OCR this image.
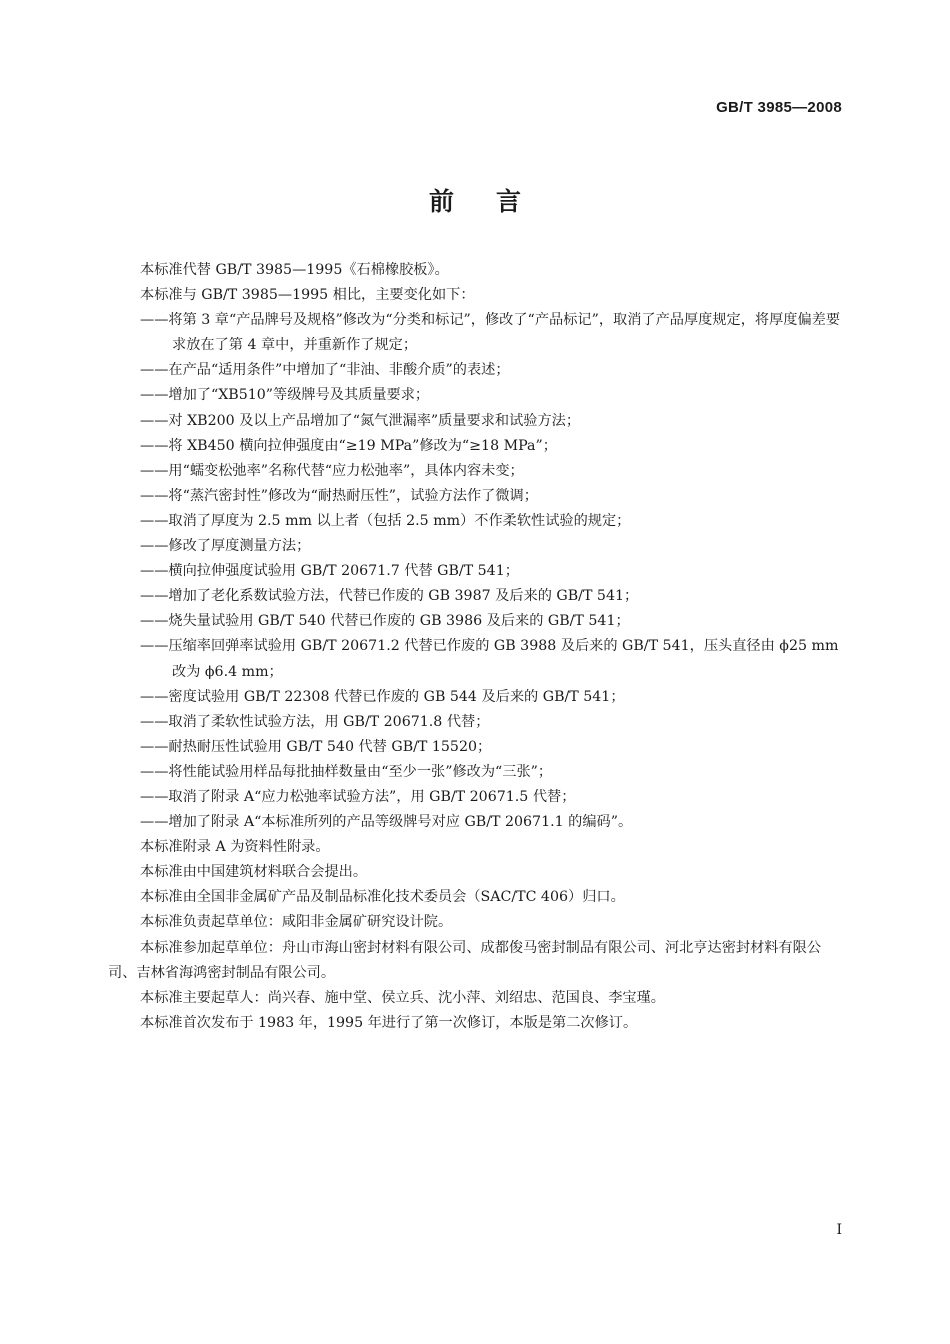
GB/T 3985—2008
前言

本标准代替 GB/T 3985—1995《石棉橡胶板》。

本标准与 GB/T 3985—1995 相比，主要变化如下：

——将第 3 章“产品牌号及规格”修改为“分类和标记”，修改了“产品标记”，取消了产品厚度规定，将厚度偏差要求放在了第 4 章中，并重新作了规定；

——在产品“适用条件”中增加了“非油、非酸介质”的表述；

——增加了“XB510”等级牌号及其质量要求；

——对 XB200 及以上产品增加了“氮气泄漏率”质量要求和试验方法；

——将 XB450 横向拉伸强度由“≥19 MPa”修改为“≥18 MPa”；

——用“蠕变松弛率”名称代替“应力松弛率”，具体内容未变；

——将“蒸汽密封性”修改为“耐热耐压性”，试验方法作了微调；

——取消了厚度为 2.5 mm 以上者（包括 2.5 mm）不作柔软性试验的规定；

——修改了厚度测量方法；

——横向拉伸强度试验用 GB/T 20671.7 代替 GB/T 541；

——增加了老化系数试验方法，代替已作废的 GB 3987 及后来的 GB/T 541；

——烧失量试验用 GB/T 540 代替已作废的 GB 3986 及后来的 GB/T 541；

——压缩率回弹率试验用 GB/T 20671.2 代替已作废的 GB 3988 及后来的 GB/T 541，压头直径由 ϕ25 mm 改为 ϕ6.4 mm；

——密度试验用 GB/T 22308 代替已作废的 GB 544 及后来的 GB/T 541；

——取消了柔软性试验方法，用 GB/T 20671.8 代替；

——耐热耐压性试验用 GB/T 540 代替 GB/T 15520；

——将性能试验用样品每批抽样数量由“至少一张”修改为“三张”；

——取消了附录 A“应力松弛率试验方法”，用 GB/T 20671.5 代替；

——增加了附录 A“本标准所列的产品等级牌号对应 GB/T 20671.1 的编码”。

本标准附录 A 为资料性附录。

本标准由中国建筑材料联合会提出。

本标准由全国非金属矿产品及制品标准化技术委员会（SAC/TC 406）归口。

本标准负责起草单位：咸阳非金属矿研究设计院。

本标准参加起草单位：舟山市海山密封材料有限公司、成都俊马密封制品有限公司、河北亨达密封材料有限公司、吉林省海鸿密封制品有限公司。

本标准主要起草人：尚兴春、施中堂、侯立兵、沈小萍、刘绍忠、范国良、李宝瑾。

本标准首次发布于 1983 年，1995 年进行了第一次修订，本版是第二次修订。

I
